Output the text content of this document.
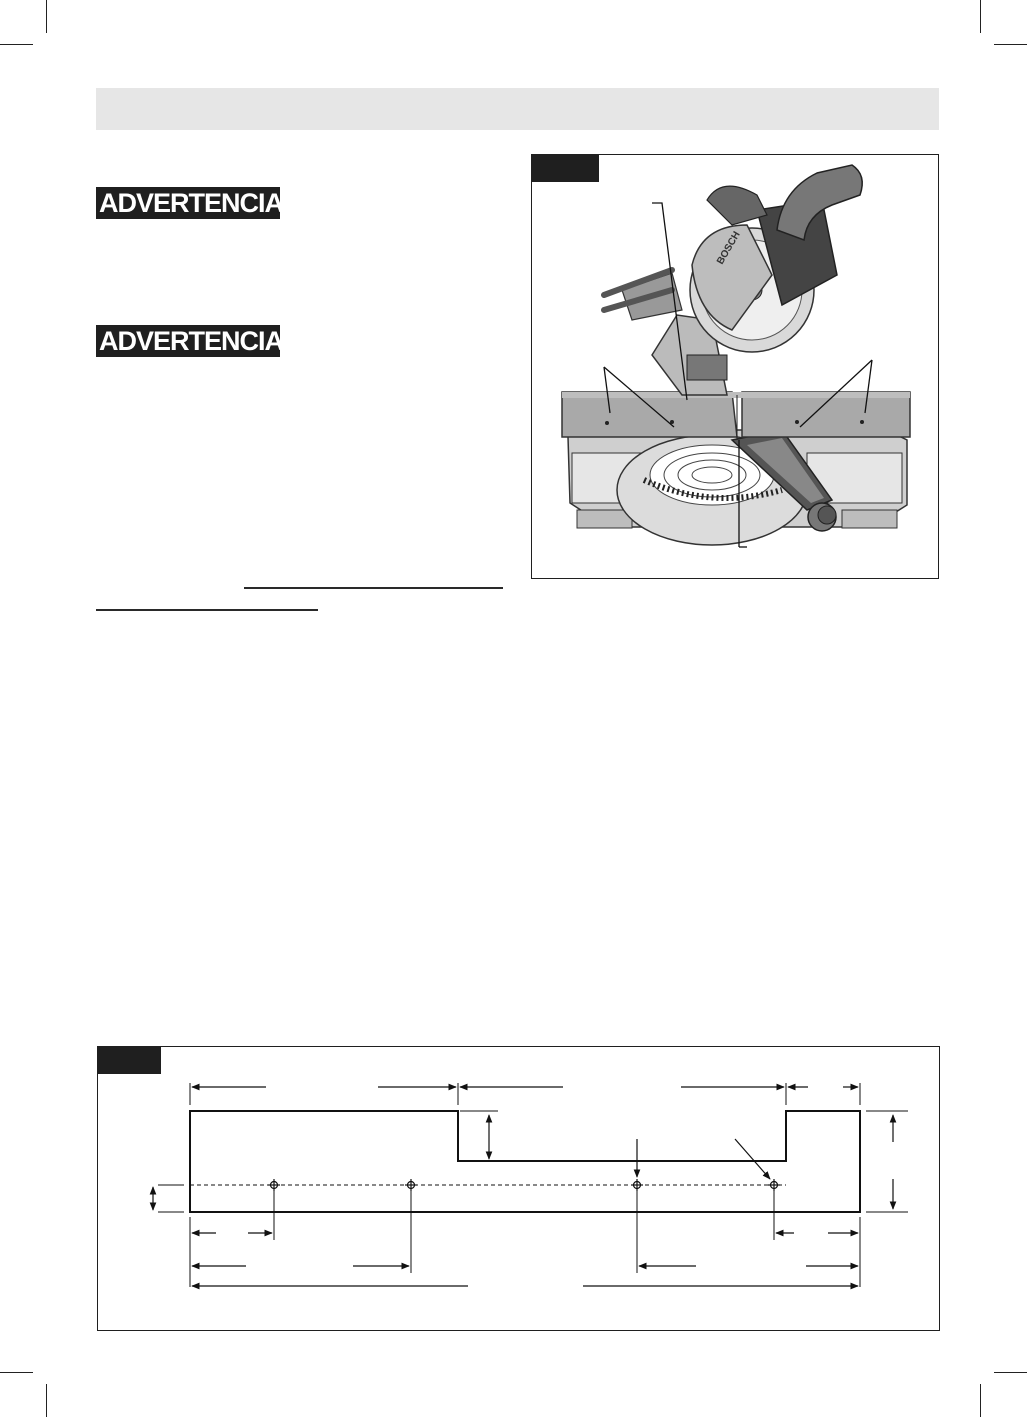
ADVERTENCIA
ADVERTENCIA
BOSCH
